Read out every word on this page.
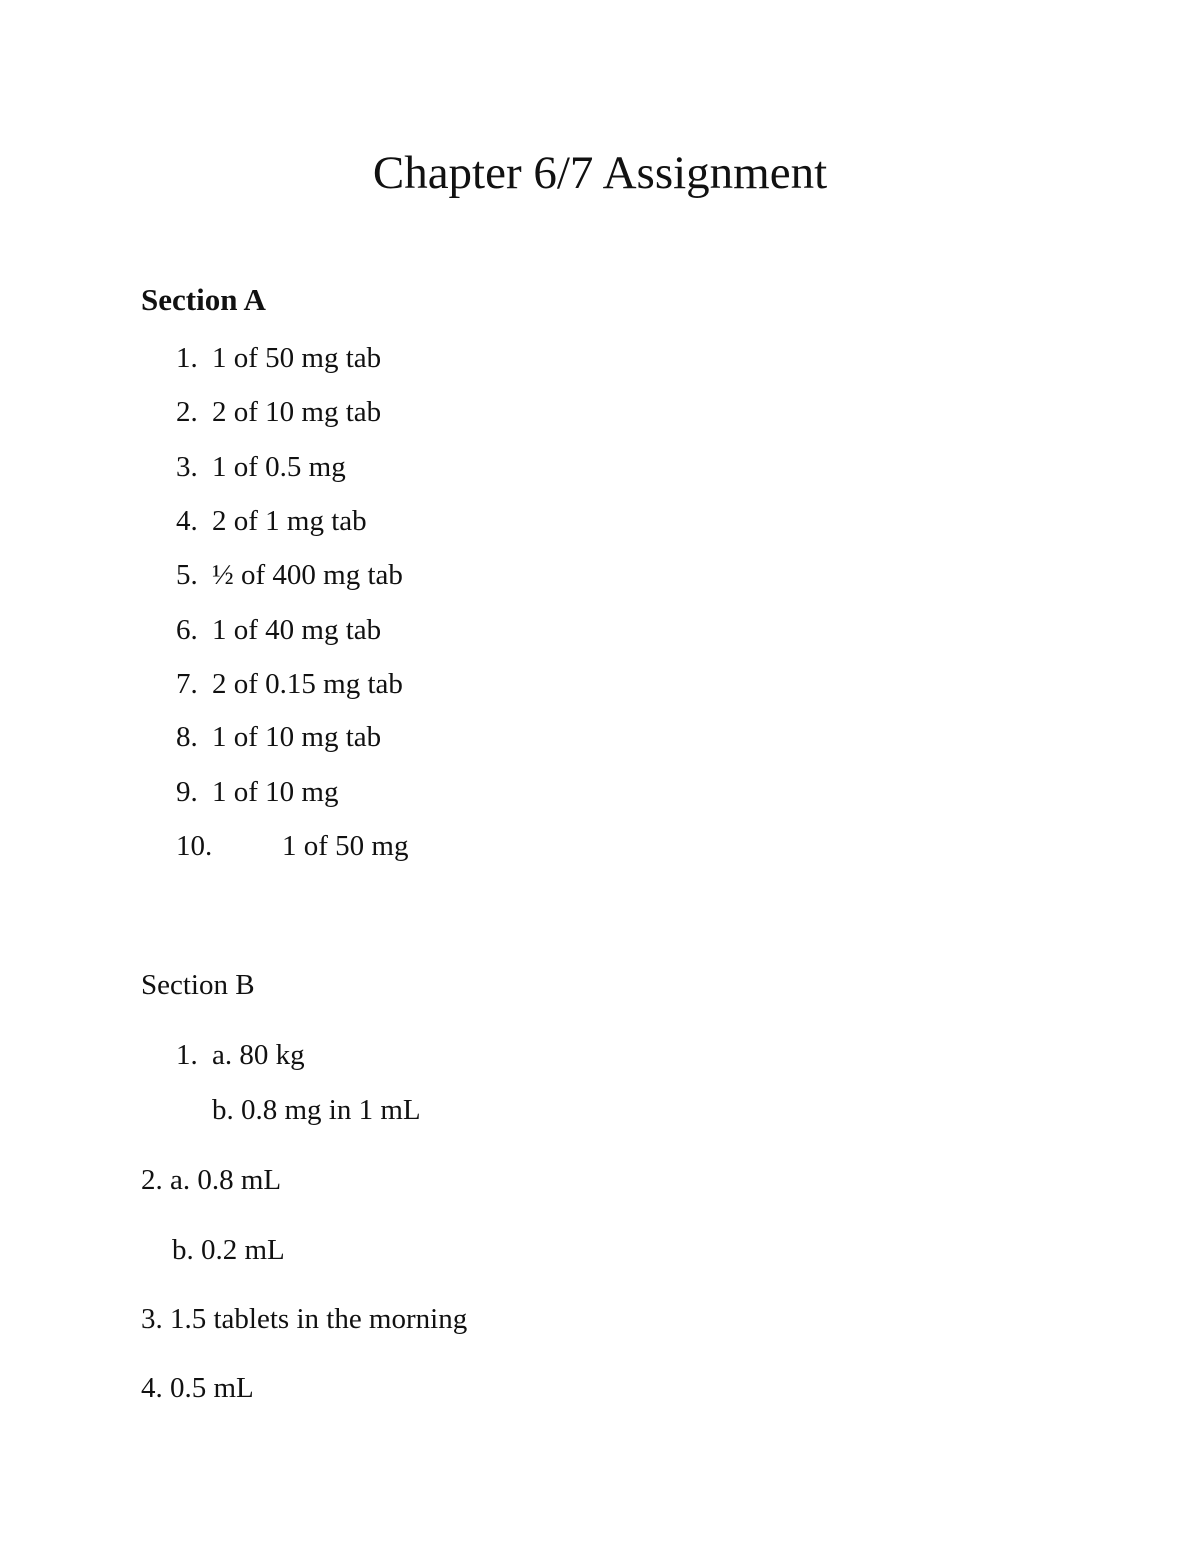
Chapter 6/7 Assignment
Section A
1. 1 of 50 mg tab
2. 2 of 10 mg tab
3. 1 of 0.5 mg
4. 2 of 1 mg tab
5. ½ of 400 mg tab
6. 1 of 40 mg tab
7. 2 of 0.15 mg tab
8. 1 of 10 mg tab
9. 1 of 10 mg
10. 1 of 50 mg
Section B
1. a. 80 kg
b. 0.8 mg in 1 mL
2. a. 0.8 mL
b. 0.2 mL
3. 1.5 tablets in the morning
4. 0.5 mL
